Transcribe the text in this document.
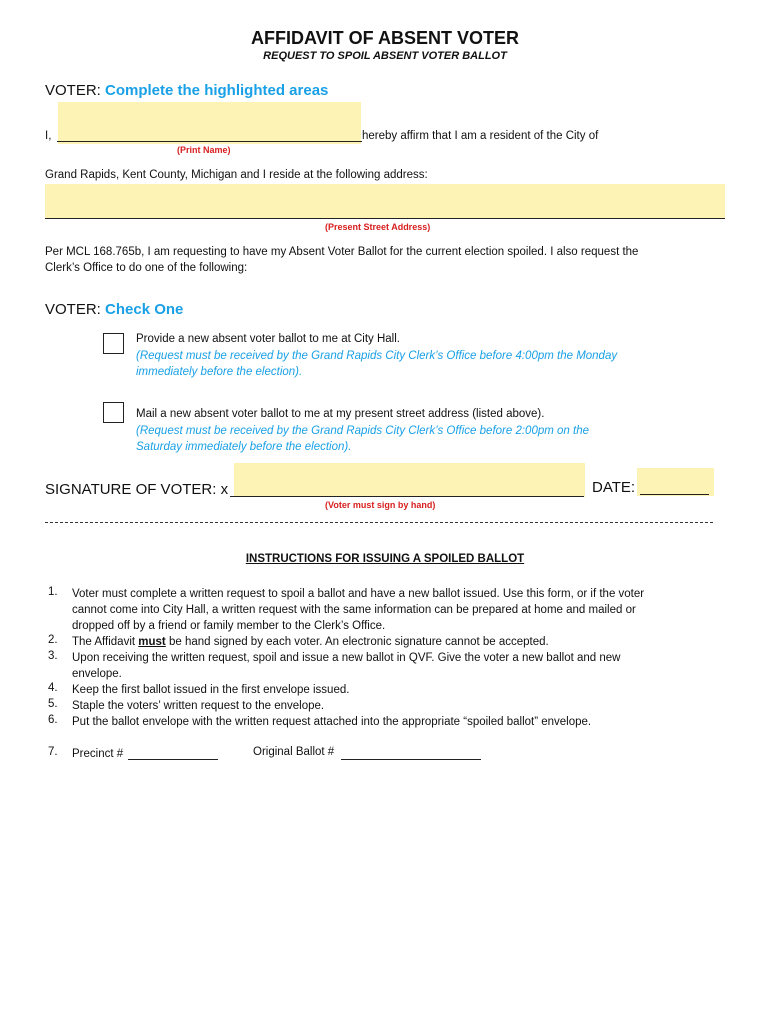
AFFIDAVIT OF ABSENT VOTER
REQUEST TO SPOIL ABSENT VOTER BALLOT
VOTER: Complete the highlighted areas
I,	hereby affirm that I am a resident of the City of
(Print Name)
Grand Rapids, Kent County, Michigan and I reside at the following address:
(Present Street Address)
Per MCL 168.765b, I am requesting to have my Absent Voter Ballot for the current election spoiled. I also request the
Clerk’s Office to do one of the following:
VOTER: Check One
Provide a new absent voter ballot to me at City Hall.
(Request must be received by the Grand Rapids City Clerk’s Office before 4:00pm the Monday
immediately before the election).
Mail a new absent voter ballot to me at my present street address (listed above).
(Request must be received by the Grand Rapids City Clerk’s Office before 2:00pm on the
Saturday immediately before the election).
SIGNATURE OF VOTER: x
(Voter must sign by hand)
DATE:
INSTRUCTIONS FOR ISSUING A SPOILED BALLOT
1. Voter must complete a written request to spoil a ballot and have a new ballot issued. Use this form, or if the voter
cannot come into City Hall, a written request with the same information can be prepared at home and mailed or
dropped off by a friend or family member to the Clerk’s Office.
2. The Affidavit must be hand signed by each voter. An electronic signature cannot be accepted.
3. Upon receiving the written request, spoil and issue a new ballot in QVF. Give the voter a new ballot and new
envelope.
4. Keep the first ballot issued in the first envelope issued.
5. Staple the voters’ written request to the envelope.
6. Put the ballot envelope with the written request attached into the appropriate “spoiled ballot” envelope.
7. Precinct #	Original Ballot #
